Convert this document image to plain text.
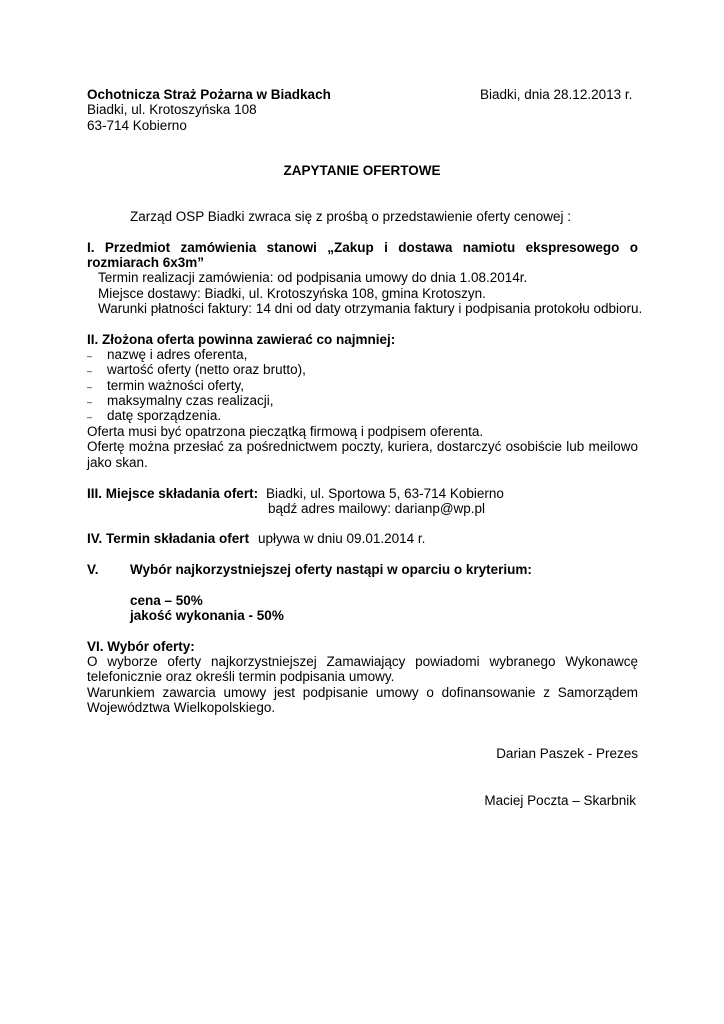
Ochotnicza Straż Pożarna w Biadkach	Biadki, dnia 28.12.2013 r.
Biadki, ul. Krotoszyńska 108
63-714 Kobierno
ZAPYTANIE OFERTOWE
Zarząd OSP Biadki zwraca się z prośbą o przedstawienie oferty cenowej :
I. Przedmiot zamówienia stanowi „Zakup i dostawa namiotu ekspresowego o
rozmiarach 6x3m”
Termin realizacji zamówienia: od podpisania umowy do dnia 1.08.2014r.
Miejsce dostawy: Biadki, ul. Krotoszyńska 108, gmina Krotoszyn.
Warunki płatności faktury: 14 dni od daty otrzymania faktury i podpisania protokołu odbioru.
II. Złożona oferta powinna zawierać co najmniej:
– nazwę i adres oferenta,
– wartość oferty (netto oraz brutto),
– termin ważności oferty,
– maksymalny czas realizacji,
– datę sporządzenia.
Oferta musi być opatrzona pieczątką firmową i podpisem oferenta.
Ofertę można przesłać za pośrednictwem poczty, kuriera, dostarczyć osobiście lub meilowo
jako skan.
III. Miejsce składania ofert: Biadki, ul. Sportowa 5, 63-714 Kobierno
bądź adres mailowy: darianp@wp.pl
IV. Termin składania ofert upływa w dniu 09.01.2014 r.
V. Wybór najkorzystniejszej oferty nastąpi w oparciu o kryterium:
cena – 50%
jakość wykonania - 50%
VI. Wybór oferty:
O wyborze oferty najkorzystniejszej Zamawiający powiadomi wybranego Wykonawcę
telefonicznie oraz określi termin podpisania umowy.
Warunkiem zawarcia umowy jest podpisanie umowy o dofinansowanie z Samorządem
Województwa Wielkopolskiego.
Darian Paszek - Prezes
Maciej Poczta – Skarbnik
